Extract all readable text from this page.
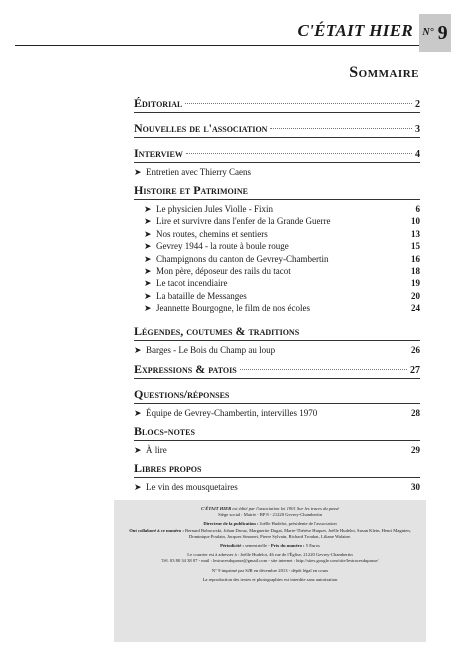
C'ÉTAIT HIER $^{N^\circ}$ 9
Sommaire
Éditorial	2
Nouvelles de l'association	3
Interview	4
➤ Entretien avec Thierry Caens
Histoire et Patrimoine
➤ Le physicien Jules Violle - Fixin	6
➤ Lire et survivre dans l'enfer de la Grande Guerre	10
➤ Nos routes, chemins et sentiers	13
➤ Gevrey 1944 - la route à boule rouge	15
➤ Champignons du canton de Gevrey-Chambertin	16
➤ Mon père, déposeur des rails du tacot	18
➤ Le tacot incendiaire	19
➤ La bataille de Messanges	20
➤ Jeannette Bourgogne, le film de nos écoles	24
Légendes, coutumes & traditions
➤ Barges - Le Bois du Champ au loup	26
Expressions & patois	27
Questions/réponses
➤ Équipe de Gevrey-Chambertin, intervilles 1970	28
Blocs-notes
➤ À lire	29
Libres propos
➤ Le vin des mousquetaires	30

C'ÉTAIT HIER est édité par l'association loi 1901 Sur les traces du passé
Siège social : Mairie - BP 8 - 21220 Gevrey-Chambertin

Directeur de la publication : Joëlle Hudelot, présidente de l'association
Ont collaboré à ce numéro : Bernard Bobrowski, Johan Drouz, Marguerite Dugat, Marie-Thérèse Huquet, Joëlle Hudelot, Susan Klein, Henri Magnien, Dominique Poulain, Jacques Simonet, Pierre Sylvain, Richard Troubat, Liliane Walaine.

Périodicité : semestrielle - Prix du numéro : 5 Euros

Le courrier est à adresser à : Joëlle Hudelot, 46 rue de l'Église, 21220 Gevrey-Chambertin
Tél. 03 80 34 38 07 - mail : lestracesdupasse@gmail.com - site internet : http://sites.google.com/site/lestracesdupasse/

N° 9 imprimé par SJR en décembre 2013 - dépôt légal en cours

La reproduction des textes et photographies est interdite sans autorisation
